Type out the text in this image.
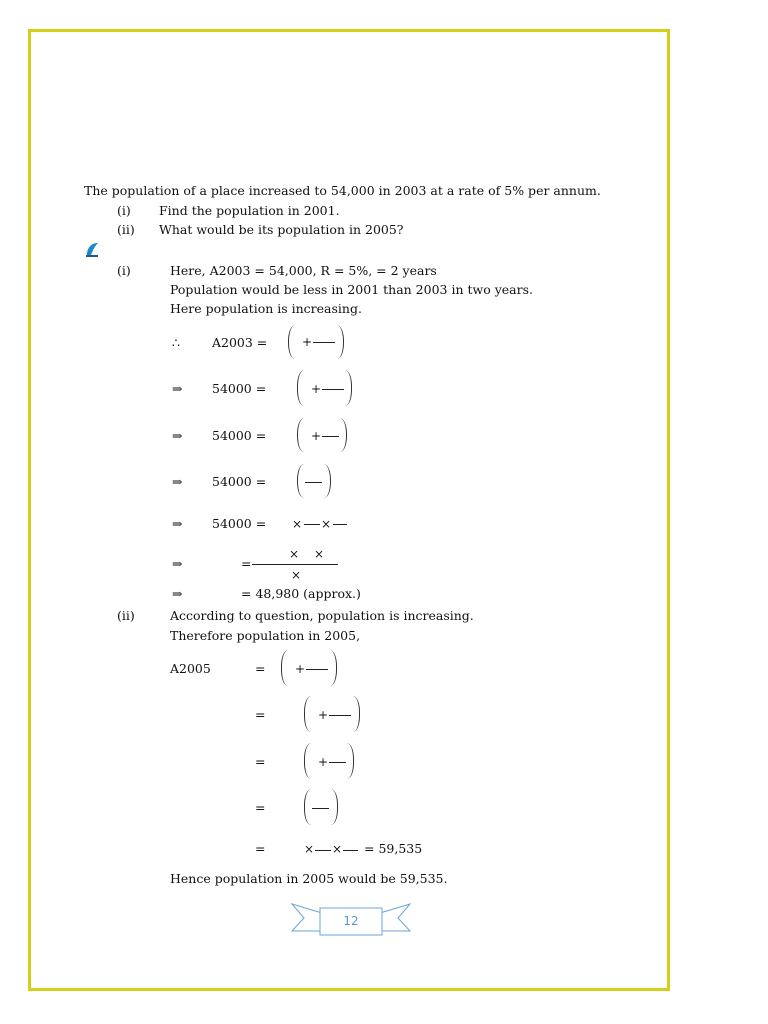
The population of a place increased to 54,000 in 2003 at a rate of 5% per annum.
(i) Find the population in 2001.
(ii) What would be its population in 2005?
(i)	Here, A2003 = 54,000, R = 5%, = 2 years
Population would be less in 2001 than 2003 in two years.
Here population is increasing.
∴	A2003 =	+
⇒ 54000 =	+
⇒ 54000 =	+
⇒ 54000 =
⇒ 54000 = × ×
⇒	=
× ×
×
⇒	= 48,980 (approx.)
(ii)	According to question, population is increasing.
Therefore population in 2005,
A2005	= +
=	+
=	+
=
=	× × = 59,535
Hence population in 2005 would be 59,535.
12
